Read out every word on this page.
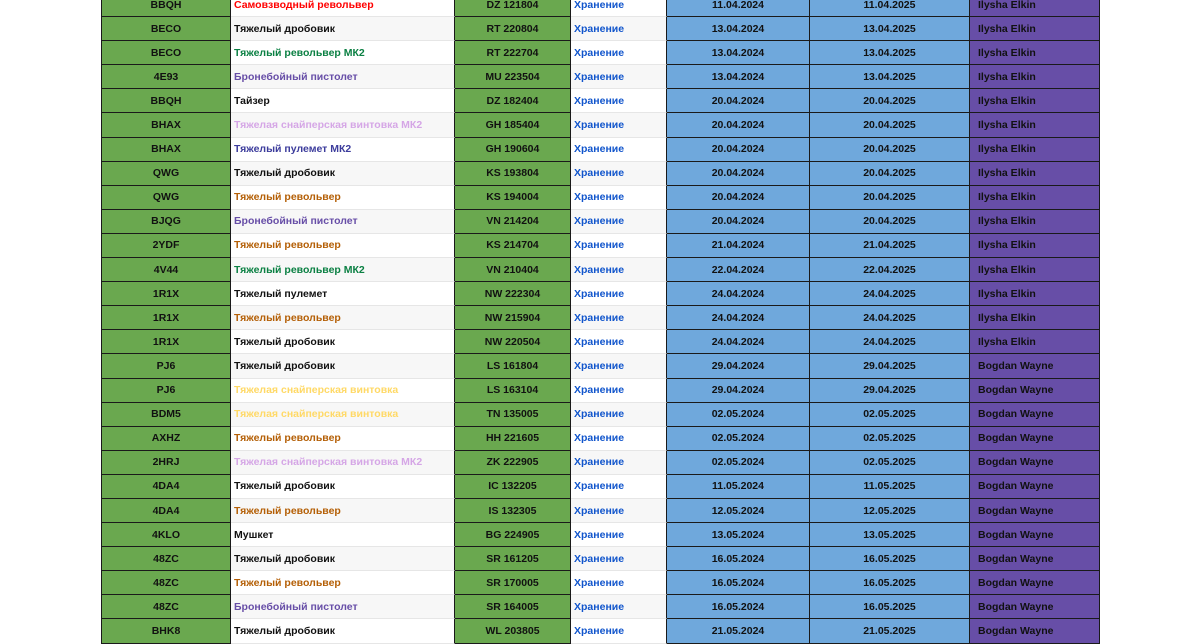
BBQH	Самовзводный револьвер	DZ 121804	Хранение	11.04.2024	11.04.2025	Ilysha Elkin
BECO	Тяжелый дробовик	RT 220804	Хранение	13.04.2024	13.04.2025	Ilysha Elkin
BECO	Тяжелый револьвер МК2	RT 222704	Хранение	13.04.2024	13.04.2025	Ilysha Elkin
4E93	Бронебойный пистолет	MU 223504	Хранение	13.04.2024	13.04.2025	Ilysha Elkin
BBQH	Тайзер	DZ 182404	Хранение	20.04.2024	20.04.2025	Ilysha Elkin
BHAX	Тяжелая снайперская винтовка МК2	GH 185404	Хранение	20.04.2024	20.04.2025	Ilysha Elkin
BHAX	Тяжелый пулемет МК2	GH 190604	Хранение	20.04.2024	20.04.2025	Ilysha Elkin
QWG	Тяжелый дробовик	KS 193804	Хранение	20.04.2024	20.04.2025	Ilysha Elkin
QWG	Тяжелый револьвер	KS 194004	Хранение	20.04.2024	20.04.2025	Ilysha Elkin
BJQG	Бронебойный пистолет	VN 214204	Хранение	20.04.2024	20.04.2025	Ilysha Elkin
2YDF	Тяжелый револьвер	KS 214704	Хранение	21.04.2024	21.04.2025	Ilysha Elkin
4V44	Тяжелый револьвер МК2	VN 210404	Хранение	22.04.2024	22.04.2025	Ilysha Elkin
1R1X	Тяжелый пулемет	NW 222304	Хранение	24.04.2024	24.04.2025	Ilysha Elkin
1R1X	Тяжелый револьвер	NW 215904	Хранение	24.04.2024	24.04.2025	Ilysha Elkin
1R1X	Тяжелый дробовик	NW 220504	Хранение	24.04.2024	24.04.2025	Ilysha Elkin
PJ6	Тяжелый дробовик	LS 161804	Хранение	29.04.2024	29.04.2025	Bogdan Wayne
PJ6	Тяжелая снайперская винтовка	LS 163104	Хранение	29.04.2024	29.04.2025	Bogdan Wayne
BDM5	Тяжелая снайперская винтовка	TN 135005	Хранение	02.05.2024	02.05.2025	Bogdan Wayne
AXHZ	Тяжелый револьвер	HH 221605	Хранение	02.05.2024	02.05.2025	Bogdan Wayne
2HRJ	Тяжелая снайперская винтовка МК2	ZK 222905	Хранение	02.05.2024	02.05.2025	Bogdan Wayne
4DA4	Тяжелый дробовик	IC 132205	Хранение	11.05.2024	11.05.2025	Bogdan Wayne
4DA4	Тяжелый револьвер	IS 132305	Хранение	12.05.2024	12.05.2025	Bogdan Wayne
4KLO	Мушкет	BG 224905	Хранение	13.05.2024	13.05.2025	Bogdan Wayne
48ZC	Тяжелый дробовик	SR 161205	Хранение	16.05.2024	16.05.2025	Bogdan Wayne
48ZC	Тяжелый револьвер	SR 170005	Хранение	16.05.2024	16.05.2025	Bogdan Wayne
48ZC	Бронебойный пистолет	SR 164005	Хранение	16.05.2024	16.05.2025	Bogdan Wayne
BHK8	Тяжелый дробовик	WL 203805	Хранение	21.05.2024	21.05.2025	Bogdan Wayne
